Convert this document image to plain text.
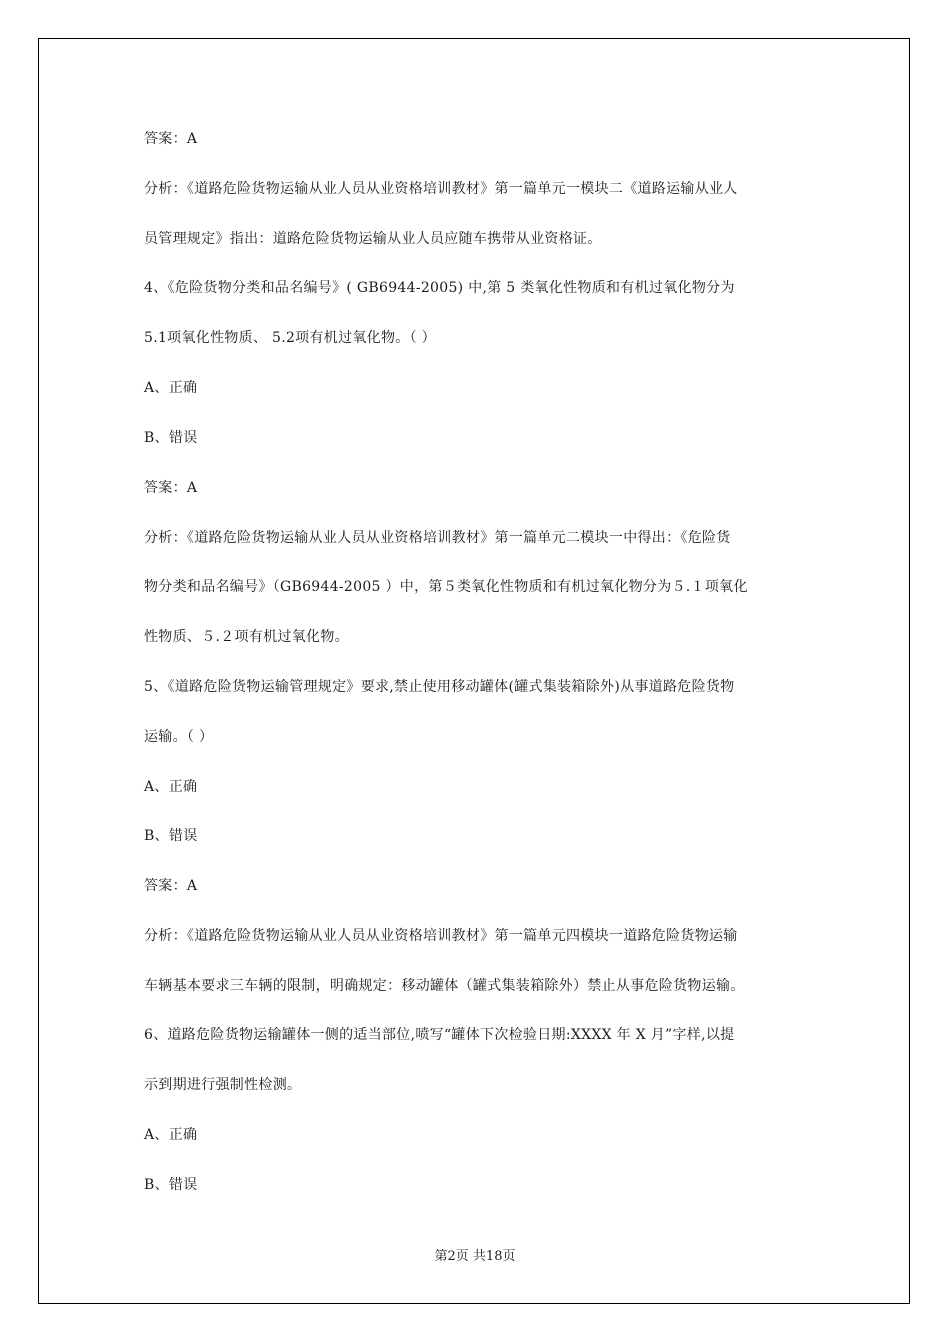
答案：A
分析：《道路危险货物运输从业人员从业资格培训教材》第一篇单元一模块二《道路运输从业人
员管理规定》指出：道路危险货物运输从业人员应随车携带从业资格证。
4、《危险货物分类和品名编号》( GB6944-2005) 中,第 5 类氧化性物质和有机过氧化物分为
5.1项氧化性物质、 5.2项有机过氧化物。（ ）
A、正确
B、错误
答案：A
分析：《道路危险货物运输从业人员从业资格培训教材》第一篇单元二模块一中得出：《危险货
物分类和品名编号》（GB6944-2005 ）中，第５类氧化性物质和有机过氧化物分为５.１项氧化
性物质、５.２项有机过氧化物。
5、《道路危险货物运输管理规定》要求,禁止使用移动罐体(罐式集装箱除外)从事道路危险货物
运输。（ ）
A、正确
B、错误
答案：A
分析：《道路危险货物运输从业人员从业资格培训教材》第一篇单元四模块一道路危险货物运输
车辆基本要求三车辆的限制，明确规定：移动罐体（罐式集装箱除外）禁止从事危险货物运输。
6、道路危险货物运输罐体一侧的适当部位,喷写“罐体下次检验日期:XXXX 年 X 月”字样,以提
示到期进行强制性检测。
A、正确
B、错误
第2页 共18页
